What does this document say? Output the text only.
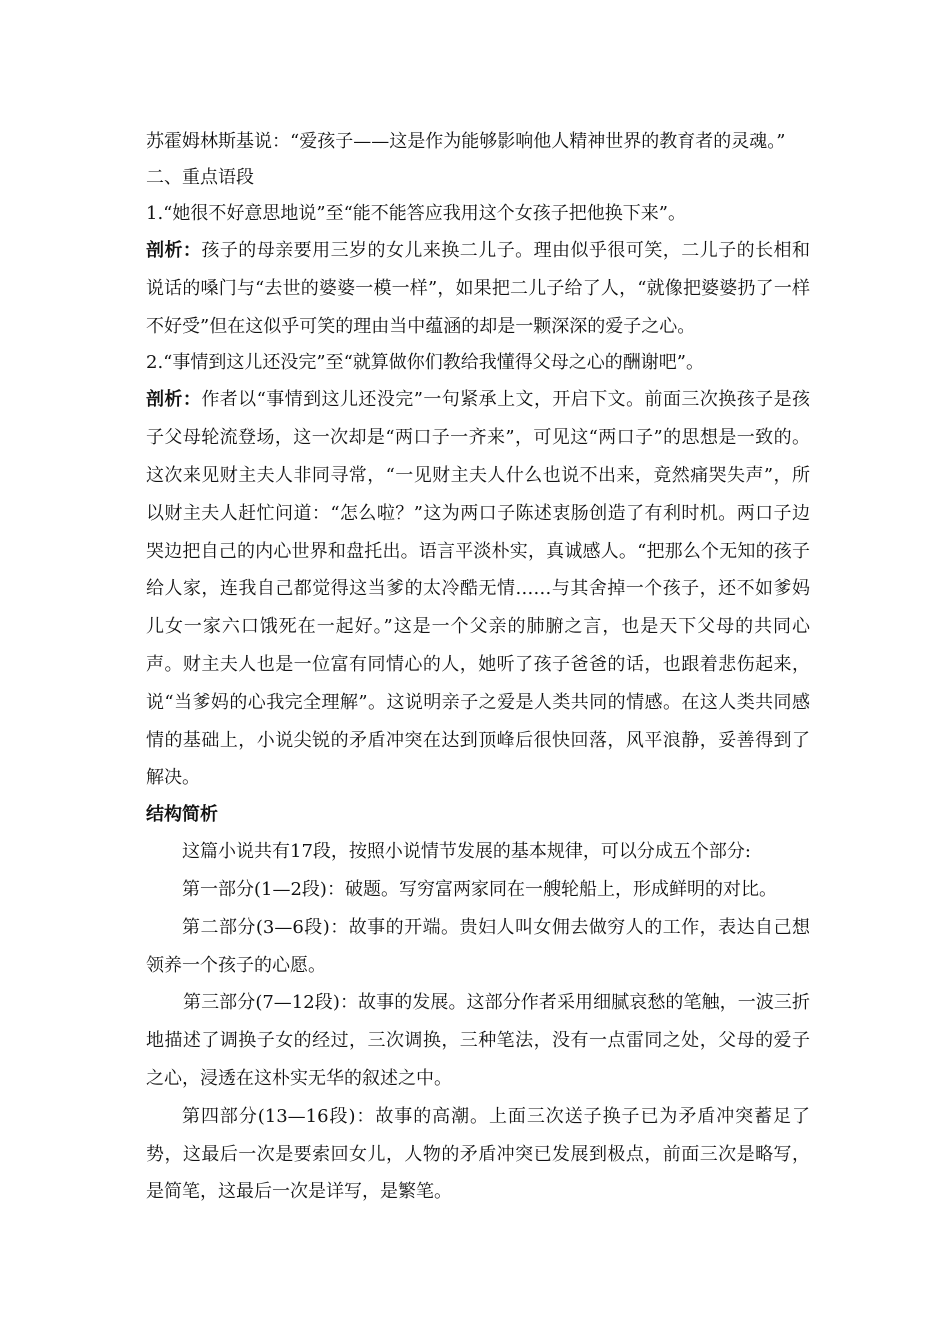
苏霍姆林斯基说：“爱孩子——这是作为能够影响他人精神世界的教育者的灵魂。”
二、重点语段
1.“她很不好意思地说”至“能不能答应我用这个女孩子把他换下来”。
剖析：孩子的母亲要用三岁的女儿来换二儿子。理由似乎很可笑，二儿子的长相和说话的嗓门与“去世的婆婆一模一样”，如果把二儿子给了人，“就像把婆婆扔了一样不好受”但在这似乎可笑的理由当中蕴涵的却是一颗深深的爱子之心。
2.“事情到这儿还没完”至“就算做你们教给我懂得父母之心的酬谢吧”。
剖析：作者以“事情到这儿还没完”一句紧承上文，开启下文。前面三次换孩子是孩子父母轮流登场，这一次却是“两口子一齐来”，可见这“两口子”的思想是一致的。这次来见财主夫人非同寻常，“一见财主夫人什么也说不出来，竟然痛哭失声”，所以财主夫人赶忙问道：“怎么啦？”这为两口子陈述衷肠创造了有利时机。两口子边哭边把自己的内心世界和盘托出。语言平淡朴实，真诚感人。“把那么个无知的孩子给人家，连我自己都觉得这当爹的太冷酷无情……与其舍掉一个孩子，还不如爹妈儿女一家六口饿死在一起好。”这是一个父亲的肺腑之言，也是天下父母的共同心声。财主夫人也是一位富有同情心的人，她听了孩子爸爸的话，也跟着悲伤起来，说“当爹妈的心我完全理解”。这说明亲子之爱是人类共同的情感。在这人类共同感情的基础上，小说尖锐的矛盾冲突在达到顶峰后很快回落，风平浪静，妥善得到了解决。
结构简析
这篇小说共有17段，按照小说情节发展的基本规律，可以分成五个部分:
第一部分(1—2段)：破题。写穷富两家同在一艘轮船上，形成鲜明的对比。
第二部分(3—6段)：故事的开端。贵妇人叫女佣去做穷人的工作，表达自己想领养一个孩子的心愿。
第三部分(7—12段)：故事的发展。这部分作者采用细腻哀愁的笔触，一波三折地描述了调换子女的经过，三次调换，三种笔法，没有一点雷同之处，父母的爱子之心，浸透在这朴实无华的叙述之中。
第四部分(13—16段)：故事的高潮。上面三次送子换子已为矛盾冲突蓄足了势，这最后一次是要索回女儿，人物的矛盾冲突已发展到极点，前面三次是略写，是简笔，这最后一次是详写，是繁笔。
